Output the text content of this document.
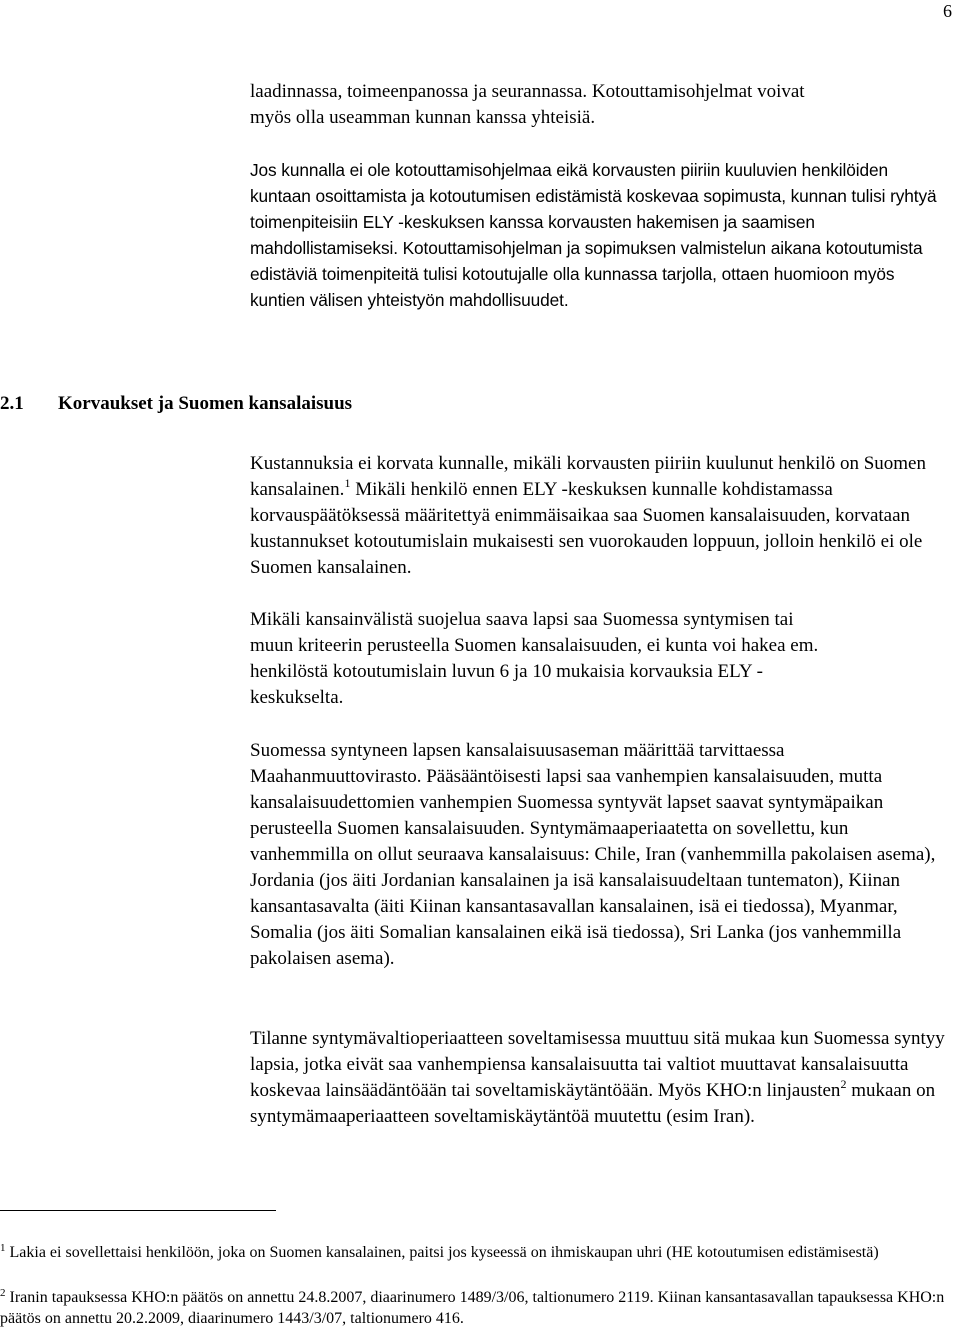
6
laadinnassa, toimeenpanossa ja seurannassa. Kotouttamisohjelmat voivat
myös olla useamman kunnan kanssa yhteisiä.

Jos kunnalla ei ole kotouttamisohjelmaa eikä korvausten piiriin kuuluvien henkilöiden kuntaan osoittamista ja kotoutumisen edistämistä koskevaa sopimusta, kunnan tulisi ryhtyä toimenpiteisiin ELY -keskuksen kanssa korvausten hakemisen ja saamisen mahdollistamiseksi. Kotouttamisohjelman ja sopimuksen valmistelun aikana kotoutumista edistäviä toimenpiteitä tulisi kotoutujalle olla kunnassa tarjolla, ottaen huomioon myös kuntien välisen yhteistyön mahdollisuudet.

2.1 Korvaukset ja Suomen kansalaisuus

Kustannuksia ei korvata kunnalle, mikäli korvausten piiriin kuulunut henkilö on Suomen kansalainen.$^1$ Mikäli henkilö ennen ELY -keskuksen kunnalle kohdistamassa korvauspäätöksessä määritettyä enimmäisaikaa saa Suomen kansalaisuuden, korvataan kustannukset kotoutumislain mukaisesti sen vuorokauden loppuun, jolloin henkilö ei ole Suomen kansalainen.

Mikäli kansainvälistä suojelua saava lapsi saa Suomessa syntymisen tai
muun kriteerin perusteella Suomen kansalaisuuden, ei kunta voi hakea em.
henkilöstä kotoutumislain luvun 6 ja 10 mukaisia korvauksia ELY -
keskukselta.

Suomessa syntyneen lapsen kansalaisuusaseman määrittää tarvittaessa Maahanmuuttovirasto. Pääsääntöisesti lapsi saa vanhempien kansalaisuuden, mutta kansalaisuudettomien vanhempien Suomessa syntyvät lapset saavat syntymäpaikan perusteella Suomen kansalaisuuden. Syntymämaaperiaatetta on sovellettu, kun vanhemmilla on ollut seuraava kansalaisuus: Chile, Iran (vanhemmilla pakolaisen asema), Jordania (jos äiti Jordanian kansalainen ja isä kansalaisuudeltaan tuntematon), Kiinan kansantasavalta (äiti Kiinan kansantasavallan kansalainen, isä ei tiedossa), Myanmar, Somalia (jos äiti Somalian kansalainen eikä isä tiedossa), Sri Lanka (jos vanhemmilla pakolaisen asema).

Tilanne syntymävaltioperiaatteen soveltamisessa muuttuu sitä mukaa kun Suomessa syntyy lapsia, jotka eivät saa vanhempiensa kansalaisuutta tai valtiot muuttavat kansalaisuutta koskevaa lainsäädäntöään tai soveltamiskäytäntöään. Myös KHO:n linjausten$^2$ mukaan on syntymämaaperiaatteen soveltamiskäytäntöä muutettu (esim Iran).

$^1$ Lakia ei sovellettaisi henkilöön, joka on Suomen kansalainen, paitsi jos kyseessä on ihmiskaupan uhri (HE kotoutumisen edistämisestä)

$^2$ Iranin tapauksessa KHO:n päätös on annettu 24.8.2007, diaarinumero 1489/3/06, taltionumero 2119. Kiinan kansantasavallan tapauksessa KHO:n päätös on annettu 20.2.2009, diaarinumero 1443/3/07, taltionumero 416.
